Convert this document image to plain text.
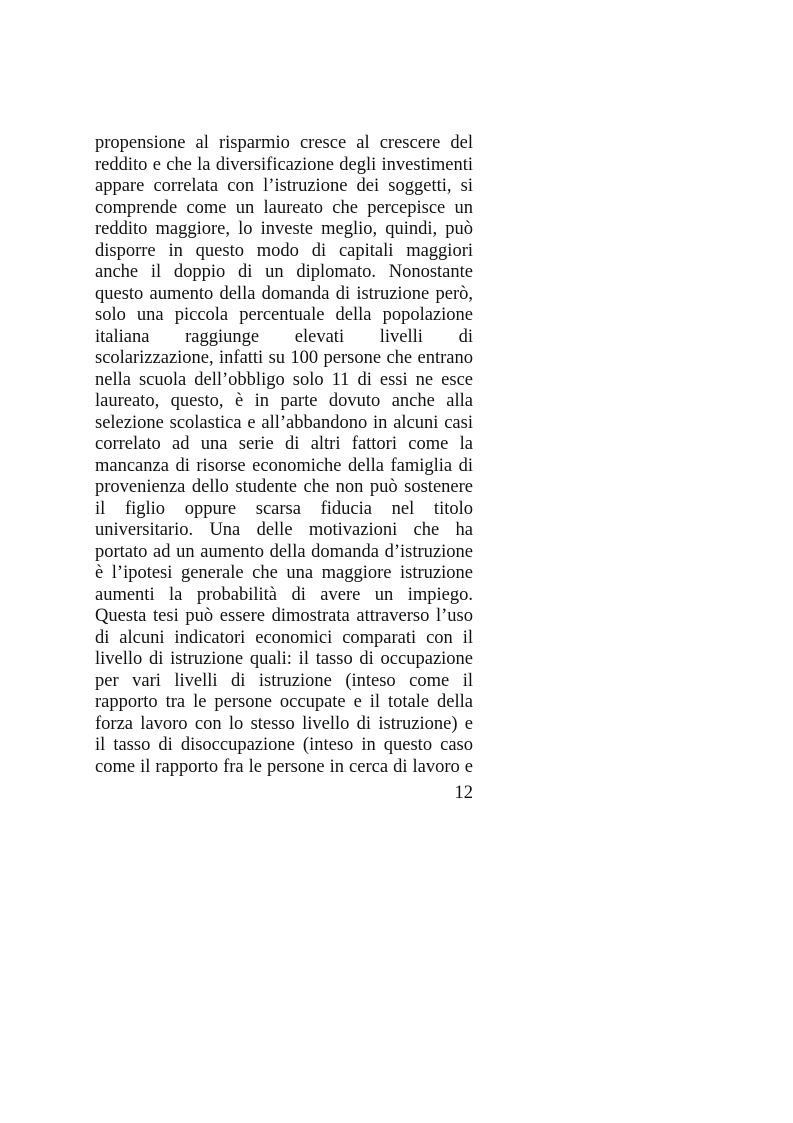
propensione al risparmio cresce al crescere del
reddito e che la diversificazione degli investimenti
appare correlata con l’istruzione dei soggetti, si
comprende come un laureato che percepisce un
reddito maggiore, lo investe meglio, quindi, può
disporre in questo modo di capitali maggiori
anche il doppio di un diplomato. Nonostante
questo aumento della domanda di istruzione però,
solo una piccola percentuale della popolazione
italiana raggiunge elevati livelli di
scolarizzazione, infatti su 100 persone che entrano
nella scuola dell’obbligo solo 11 di essi ne esce
laureato, questo, è in parte dovuto anche alla
selezione scolastica e all’abbandono in alcuni casi
correlato ad una serie di altri fattori come la
mancanza di risorse economiche della famiglia di
provenienza dello studente che non può sostenere
il figlio oppure scarsa fiducia nel titolo
universitario. Una delle motivazioni che ha
portato ad un aumento della domanda d’istruzione
è l’ipotesi generale che una maggiore istruzione
aumenti la probabilità di avere un impiego.
Questa tesi può essere dimostrata attraverso l’uso
di alcuni indicatori economici comparati con il
livello di istruzione quali: il tasso di occupazione
per vari livelli di istruzione (inteso come il
rapporto tra le persone occupate e il totale della
forza lavoro con lo stesso livello di istruzione) e
il tasso di disoccupazione (inteso in questo caso
come il rapporto fra le persone in cerca di lavoro e
12
